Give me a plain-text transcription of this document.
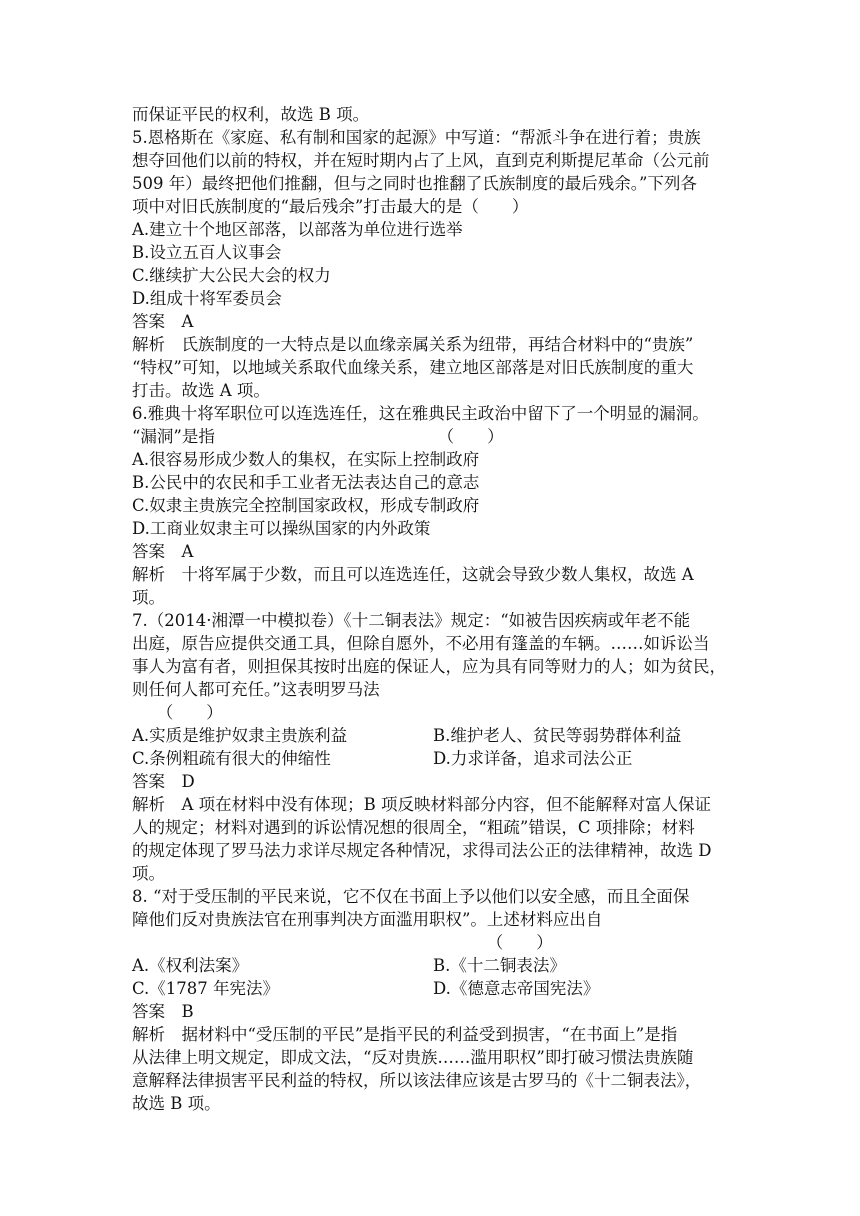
而保证平民的权利，故选 B 项。
5.恩格斯在《家庭、私有制和国家的起源》中写道：“帮派斗争在进行着；贵族
想夺回他们以前的特权，并在短时期内占了上风，直到克利斯提尼革命（公元前
509 年）最终把他们推翻，但与之同时也推翻了氏族制度的最后残余。”下列各
项中对旧氏族制度的“最后残余”打击最大的是（　　）
A.建立十个地区部落，以部落为单位进行选举
B.设立五百人议事会
C.继续扩大公民大会的权力
D.组成十将军委员会
答案　A
解析　氏族制度的一大特点是以血缘亲属关系为纽带，再结合材料中的“贵族”
“特权”可知，以地域关系取代血缘关系，建立地区部落是对旧氏族制度的重大
打击。故选 A 项。
6.雅典十将军职位可以连选连任，这在雅典民主政治中留下了一个明显的漏洞。
“漏洞”是指　　　　　　　　　　　　　　（　　）
A.很容易形成少数人的集权，在实际上控制政府
B.公民中的农民和手工业者无法表达自己的意志
C.奴隶主贵族完全控制国家政权，形成专制政府
D.工商业奴隶主可以操纵国家的内外政策
答案　A
解析　十将军属于少数，而且可以连选连任，这就会导致少数人集权，故选 A
项。
7.（2014·湘潭一中模拟卷）《十二铜表法》规定：“如被告因疾病或年老不能
出庭，原告应提供交通工具，但除自愿外，不必用有篷盖的车辆。……如诉讼当
事人为富有者，则担保其按时出庭的保证人，应为具有同等财力的人；如为贫民，
则任何人都可充任。”这表明罗马法
　　（　　）
A.实质是维护奴隶主贵族利益	B.维护老人、贫民等弱势群体利益
C.条例粗疏有很大的伸缩性	D.力求详备，追求司法公正
答案　D
解析　A 项在材料中没有体现；B 项反映材料部分内容，但不能解释对富人保证
人的规定；材料对遇到的诉讼情况想的很周全，“粗疏”错误，C 项排除；材料
的规定体现了罗马法力求详尽规定各种情况，求得司法公正的法律精神，故选 D
项。
8. “对于受压制的平民来说，它不仅在书面上予以他们以安全感，而且全面保
障他们反对贵族法官在刑事判决方面滥用职权”。上述材料应出自
　　　　　　　　　　　　　　　　　　　　　　（　　）
A.《权利法案》	B.《十二铜表法》
C.《1787 年宪法》	D.《德意志帝国宪法》
答案　B
解析　据材料中“受压制的平民”是指平民的利益受到损害，“在书面上”是指
从法律上明文规定，即成文法，“反对贵族……滥用职权”即打破习惯法贵族随
意解释法律损害平民利益的特权，所以该法律应该是古罗马的《十二铜表法》，
故选 B 项。
